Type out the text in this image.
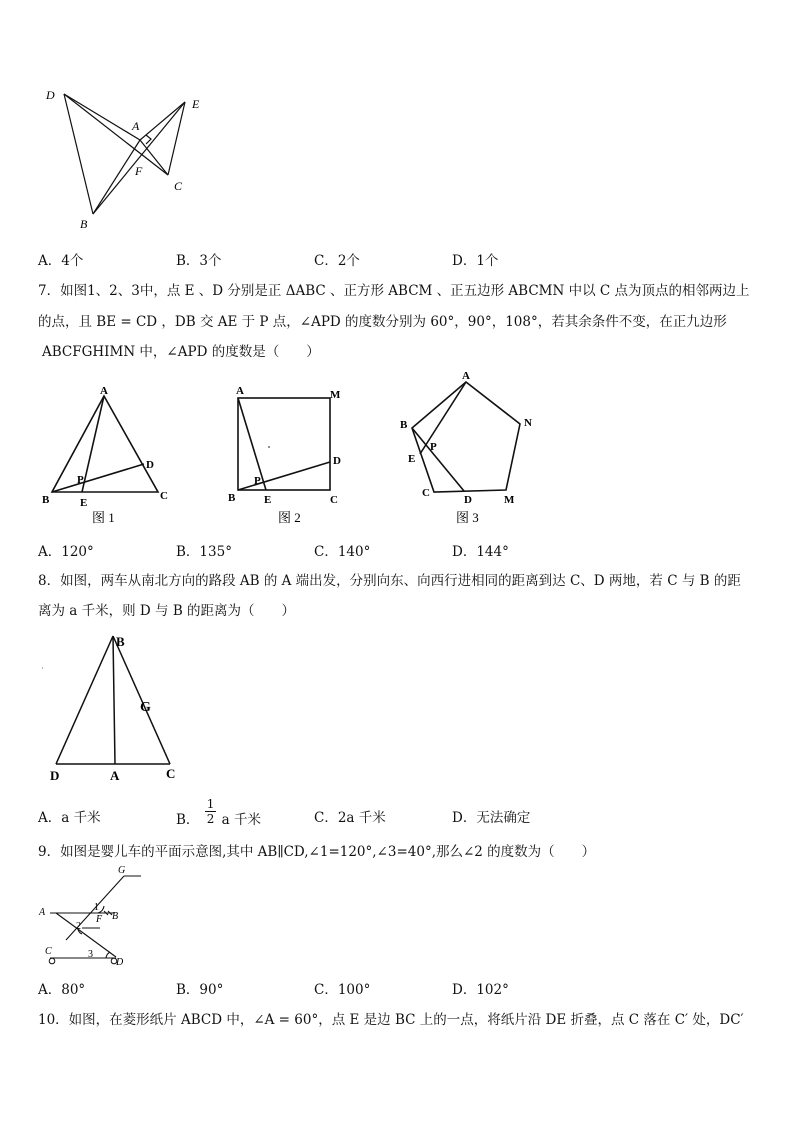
D
A
E
F
C
B
A．4个	B．3个	C．2个	D．1个
7．如图1、2、3中，点 E 、D 分别是正 ΔABC 、正方形 ABCM 、正五边形 ABCMN 中以 C 点为顶点的相邻两边上
的点，且 BE = CD ，DB 交 AE 于 P 点，∠APD 的度数分别为 60°，90°，108°，若其余条件不变，在正九边形
ABCFGHIMN 中，∠APD 的度数是（　　）
A
B	C
D
P
E
图 1
A	M
B	C
D
P
E
图 2
A
N
B
P
E
C
D	M
图 3
A．120°	B．135°	C．140°	D．144°
8．如图，两车从南北方向的路段 AB 的 A 端出发，分别向东、向西行进相同的距离到达 C、D 两地，若 C 与 B 的距
离为 a 千米，则 D 与 B 的距离为（　　）
B
G
D	A	C
A．a 千米	B． $\frac{1}{2}$ a 千米	C．2a 千米	D．无法确定
9．如图是婴儿车的平面示意图,其中 AB∥CD,∠1=120°,∠3=40°,那么∠2 的度数为（　　）
G
A	1
F B
2
C	3
D
A．80°	B．90°	C．100°	D．102°
10．如图，在菱形纸片 ABCD 中，∠A = 60°，点 E 是边 BC 上的一点，将纸片沿 DE 折叠，点 C 落在 C′ 处，DC′
